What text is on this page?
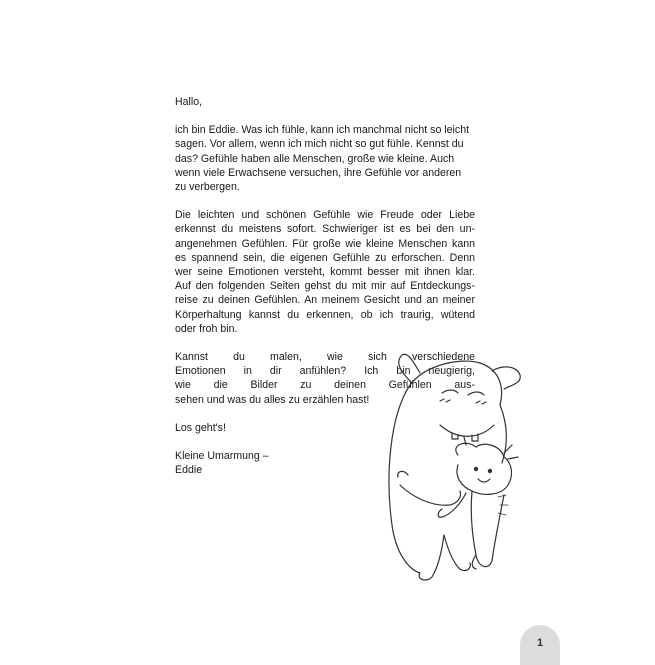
Hallo,

ich bin Eddie. Was ich fühle, kann ich manchmal nicht so leicht
sagen. Vor allem, wenn ich mich nicht so gut fühle. Kennst du
das? Gefühle haben alle Menschen, große wie kleine. Auch
wenn viele Erwachsene versuchen, ihre Gefühle vor anderen
zu verbergen.

Die leichten und schönen Gefühle wie Freude oder Liebe
erkennst du meistens sofort. Schwieriger ist es bei den un-
angenehmen Gefühlen. Für große wie kleine Menschen kann
es spannend sein, die eigenen Gefühle zu erforschen. Denn
wer seine Emotionen versteht, kommt besser mit ihnen klar.
Auf den folgenden Seiten gehst du mit mir auf Entdeckungs-
reise zu deinen Gefühlen. An meinem Gesicht und an meiner
Körperhaltung kannst du erkennen, ob ich traurig, wütend
oder froh bin.

Kannst du malen, wie sich verschiedene
Emotionen in dir anfühlen? Ich bin neugierig,
wie die Bilder zu deinen Gefühlen aus-
sehen und was du alles zu erzählen hast!

Los geht's!

Kleine Umarmung –
Eddie

1
